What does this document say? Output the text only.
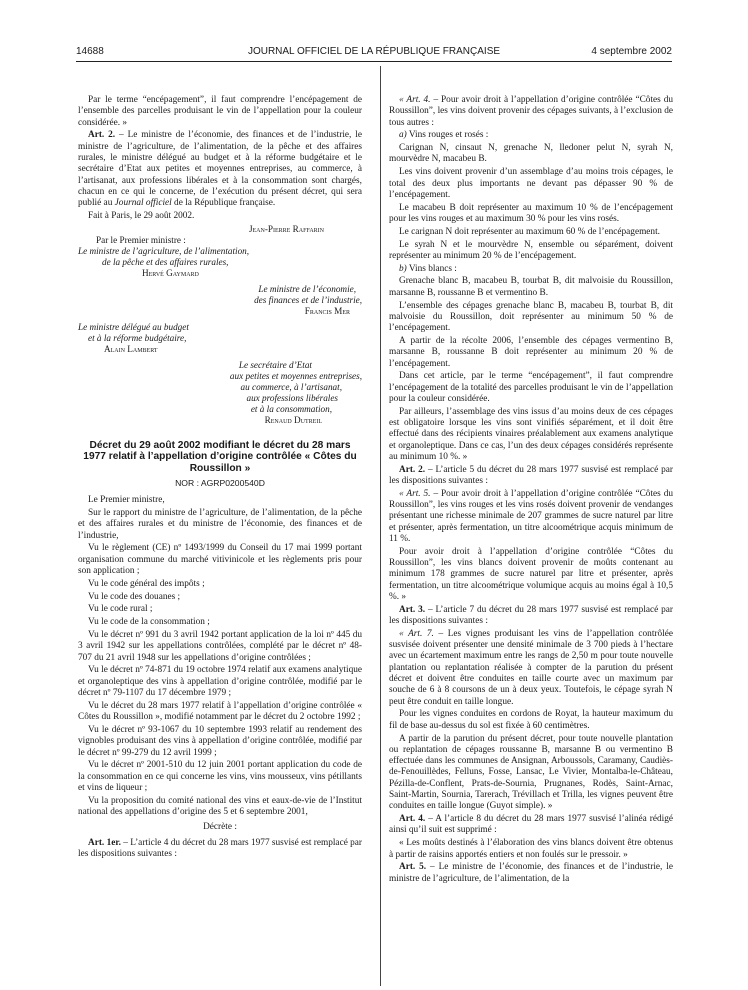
14688	JOURNAL OFFICIEL DE LA RÉPUBLIQUE FRANÇAISE	4 septembre 2002

Par le terme “encépagement”, il faut comprendre l’encépagement de l’ensemble des parcelles produisant le vin de l’appellation pour la couleur considérée. »

Art. 2. – Le ministre de l’économie, des finances et de l’industrie, le ministre de l’agriculture, de l’alimentation, de la pêche et des affaires rurales, le ministre délégué au budget et à la réforme budgétaire et le secrétaire d’Etat aux petites et moyennes entreprises, au commerce, à l’artisanat, aux professions libérales et à la consommation sont chargés, chacun en ce qui le concerne, de l’exécution du présent décret, qui sera publié au Journal officiel de la République française.

Fait à Paris, le 29 août 2002.

Jean-Pierre Raffarin
Par le Premier ministre :
Le ministre de l’agriculture, de l’alimentation,
de la pêche et des affaires rurales,
Hervé Gaymard
Le ministre de l’économie,
des finances et de l’industrie,
Francis Mer
Le ministre délégué au budget
et à la réforme budgétaire,
Alain Lambert
Le secrétaire d’Etat
aux petites et moyennes entreprises,
au commerce, à l’artisanat,
aux professions libérales
et à la consommation,
Renaud Dutreil
Décret du 29 août 2002 modifiant le décret du 28 mars 1977 relatif à l’appellation d’origine contrôlée « Côtes du Roussillon »
NOR : AGRP0200540D

Le Premier ministre,

Sur le rapport du ministre de l’agriculture, de l’alimentation, de la pêche et des affaires rurales et du ministre de l’économie, des finances et de l’industrie,

Vu le règlement (CE) nº 1493/1999 du Conseil du 17 mai 1999 portant organisation commune du marché vitivinicole et les règlements pris pour son application ;

Vu le code général des impôts ;

Vu le code des douanes ;

Vu le code rural ;

Vu le code de la consommation ;

Vu le décret nº 991 du 3 avril 1942 portant application de la loi nº 445 du 3 avril 1942 sur les appellations contrôlées, complété par le décret nº 48-707 du 21 avril 1948 sur les appellations d’origine contrôlées ;

Vu le décret nº 74-871 du 19 octobre 1974 relatif aux examens analytique et organoleptique des vins à appellation d’origine contrôlée, modifié par le décret nº 79-1107 du 17 décembre 1979 ;

Vu le décret du 28 mars 1977 relatif à l’appellation d’origine contrôlée « Côtes du Roussillon », modifié notamment par le décret du 2 octobre 1992 ;

Vu le décret nº 93-1067 du 10 septembre 1993 relatif au rendement des vignobles produisant des vins à appellation d’origine contrôlée, modifié par le décret nº 99-279 du 12 avril 1999 ;

Vu le décret nº 2001-510 du 12 juin 2001 portant application du code de la consommation en ce qui concerne les vins, vins mousseux, vins pétillants et vins de liqueur ;

Vu la proposition du comité national des vins et eaux-de-vie de l’Institut national des appellations d’origine des 5 et 6 septembre 2001,

Décrète :

Art. 1er. – L’article 4 du décret du 28 mars 1977 susvisé est remplacé par les dispositions suivantes :

« Art. 4. – Pour avoir droit à l’appellation d’origine contrôlée “Côtes du Roussillon”, les vins doivent provenir des cépages suivants, à l’exclusion de tous autres :

a) Vins rouges et rosés :

Carignan N, cinsaut N, grenache N, lledoner pelut N, syrah N, mourvèdre N, macabeu B.

Les vins doivent provenir d’un assemblage d’au moins trois cépages, le total des deux plus importants ne devant pas dépasser 90 % de l’encépagement.

Le macabeu B doit représenter au maximum 10 % de l’encépagement pour les vins rouges et au maximum 30 % pour les vins rosés.

Le carignan N doit représenter au maximum 60 % de l’encépagement.

Le syrah N et le mourvèdre N, ensemble ou séparément, doivent représenter au minimum 20 % de l’encépagement.

b) Vins blancs :

Grenache blanc B, macabeu B, tourbat B, dit malvoisie du Roussillon, marsanne B, roussanne B et vermentino B.

L’ensemble des cépages grenache blanc B, macabeu B, tourbat B, dit malvoisie du Roussillon, doit représenter au minimum 50 % de l’encépagement.

A partir de la récolte 2006, l’ensemble des cépages vermentino B, marsanne B, roussanne B doit représenter au minimum 20 % de l’encépagement.

Dans cet article, par le terme “encépagement”, il faut comprendre l’encépagement de la totalité des parcelles produisant le vin de l’appellation pour la couleur considérée.

Par ailleurs, l’assemblage des vins issus d’au moins deux de ces cépages est obligatoire lorsque les vins sont vinifiés séparément, et il doit être effectué dans des récipients vinaires préalablement aux examens analytique et organoleptique. Dans ce cas, l’un des deux cépages considérés représente au minimum 10 %. »

Art. 2. – L’article 5 du décret du 28 mars 1977 susvisé est remplacé par les dispositions suivantes :

« Art. 5. – Pour avoir droit à l’appellation d’origine contrôlée “Côtes du Roussillon”, les vins rouges et les vins rosés doivent provenir de vendanges présentant une richesse minimale de 207 grammes de sucre naturel par litre et présenter, après fermentation, un titre alcoométrique acquis minimum de 11 %.

Pour avoir droit à l’appellation d’origine contrôlée “Côtes du Roussillon”, les vins blancs doivent provenir de moûts contenant au minimum 178 grammes de sucre naturel par litre et présenter, après fermentation, un titre alcoométrique volumique acquis au moins égal à 10,5 %. »

Art. 3. – L’article 7 du décret du 28 mars 1977 susvisé est remplacé par les dispositions suivantes :

« Art. 7. – Les vignes produisant les vins de l’appellation contrôlée susvisée doivent présenter une densité minimale de 3 700 pieds à l’hectare avec un écartement maximum entre les rangs de 2,50 m pour toute nouvelle plantation ou replantation réalisée à compter de la parution du présent décret et doivent être conduites en taille courte avec un maximum par souche de 6 à 8 coursons de un à deux yeux. Toutefois, le cépage syrah N peut être conduit en taille longue.

Pour les vignes conduites en cordons de Royat, la hauteur maximum du fil de base au-dessus du sol est fixée à 60 centimètres.

A partir de la parution du présent décret, pour toute nouvelle plantation ou replantation de cépages roussanne B, marsanne B ou vermentino B effectuée dans les communes de Ansignan, Arboussols, Caramany, Caudiès-de-Fenouillèdes, Felluns, Fosse, Lansac, Le Vivier, Montalba-le-Château, Pézilla-de-Conflent, Prats-de-Sournia, Prugnanes, Rodès, Saint-Arnac, Saint-Martin, Sournia, Tarerach, Trévillach et Trilla, les vignes peuvent être conduites en taille longue (Guyot simple). »

Art. 4. – A l’article 8 du décret du 28 mars 1977 susvisé l’alinéa rédigé ainsi qu’il suit est supprimé :

« Les moûts destinés à l’élaboration des vins blancs doivent être obtenus à partir de raisins apportés entiers et non foulés sur le pressoir. »

Art. 5. – Le ministre de l’économie, des finances et de l’industrie, le ministre de l’agriculture, de l’alimentation, de la
